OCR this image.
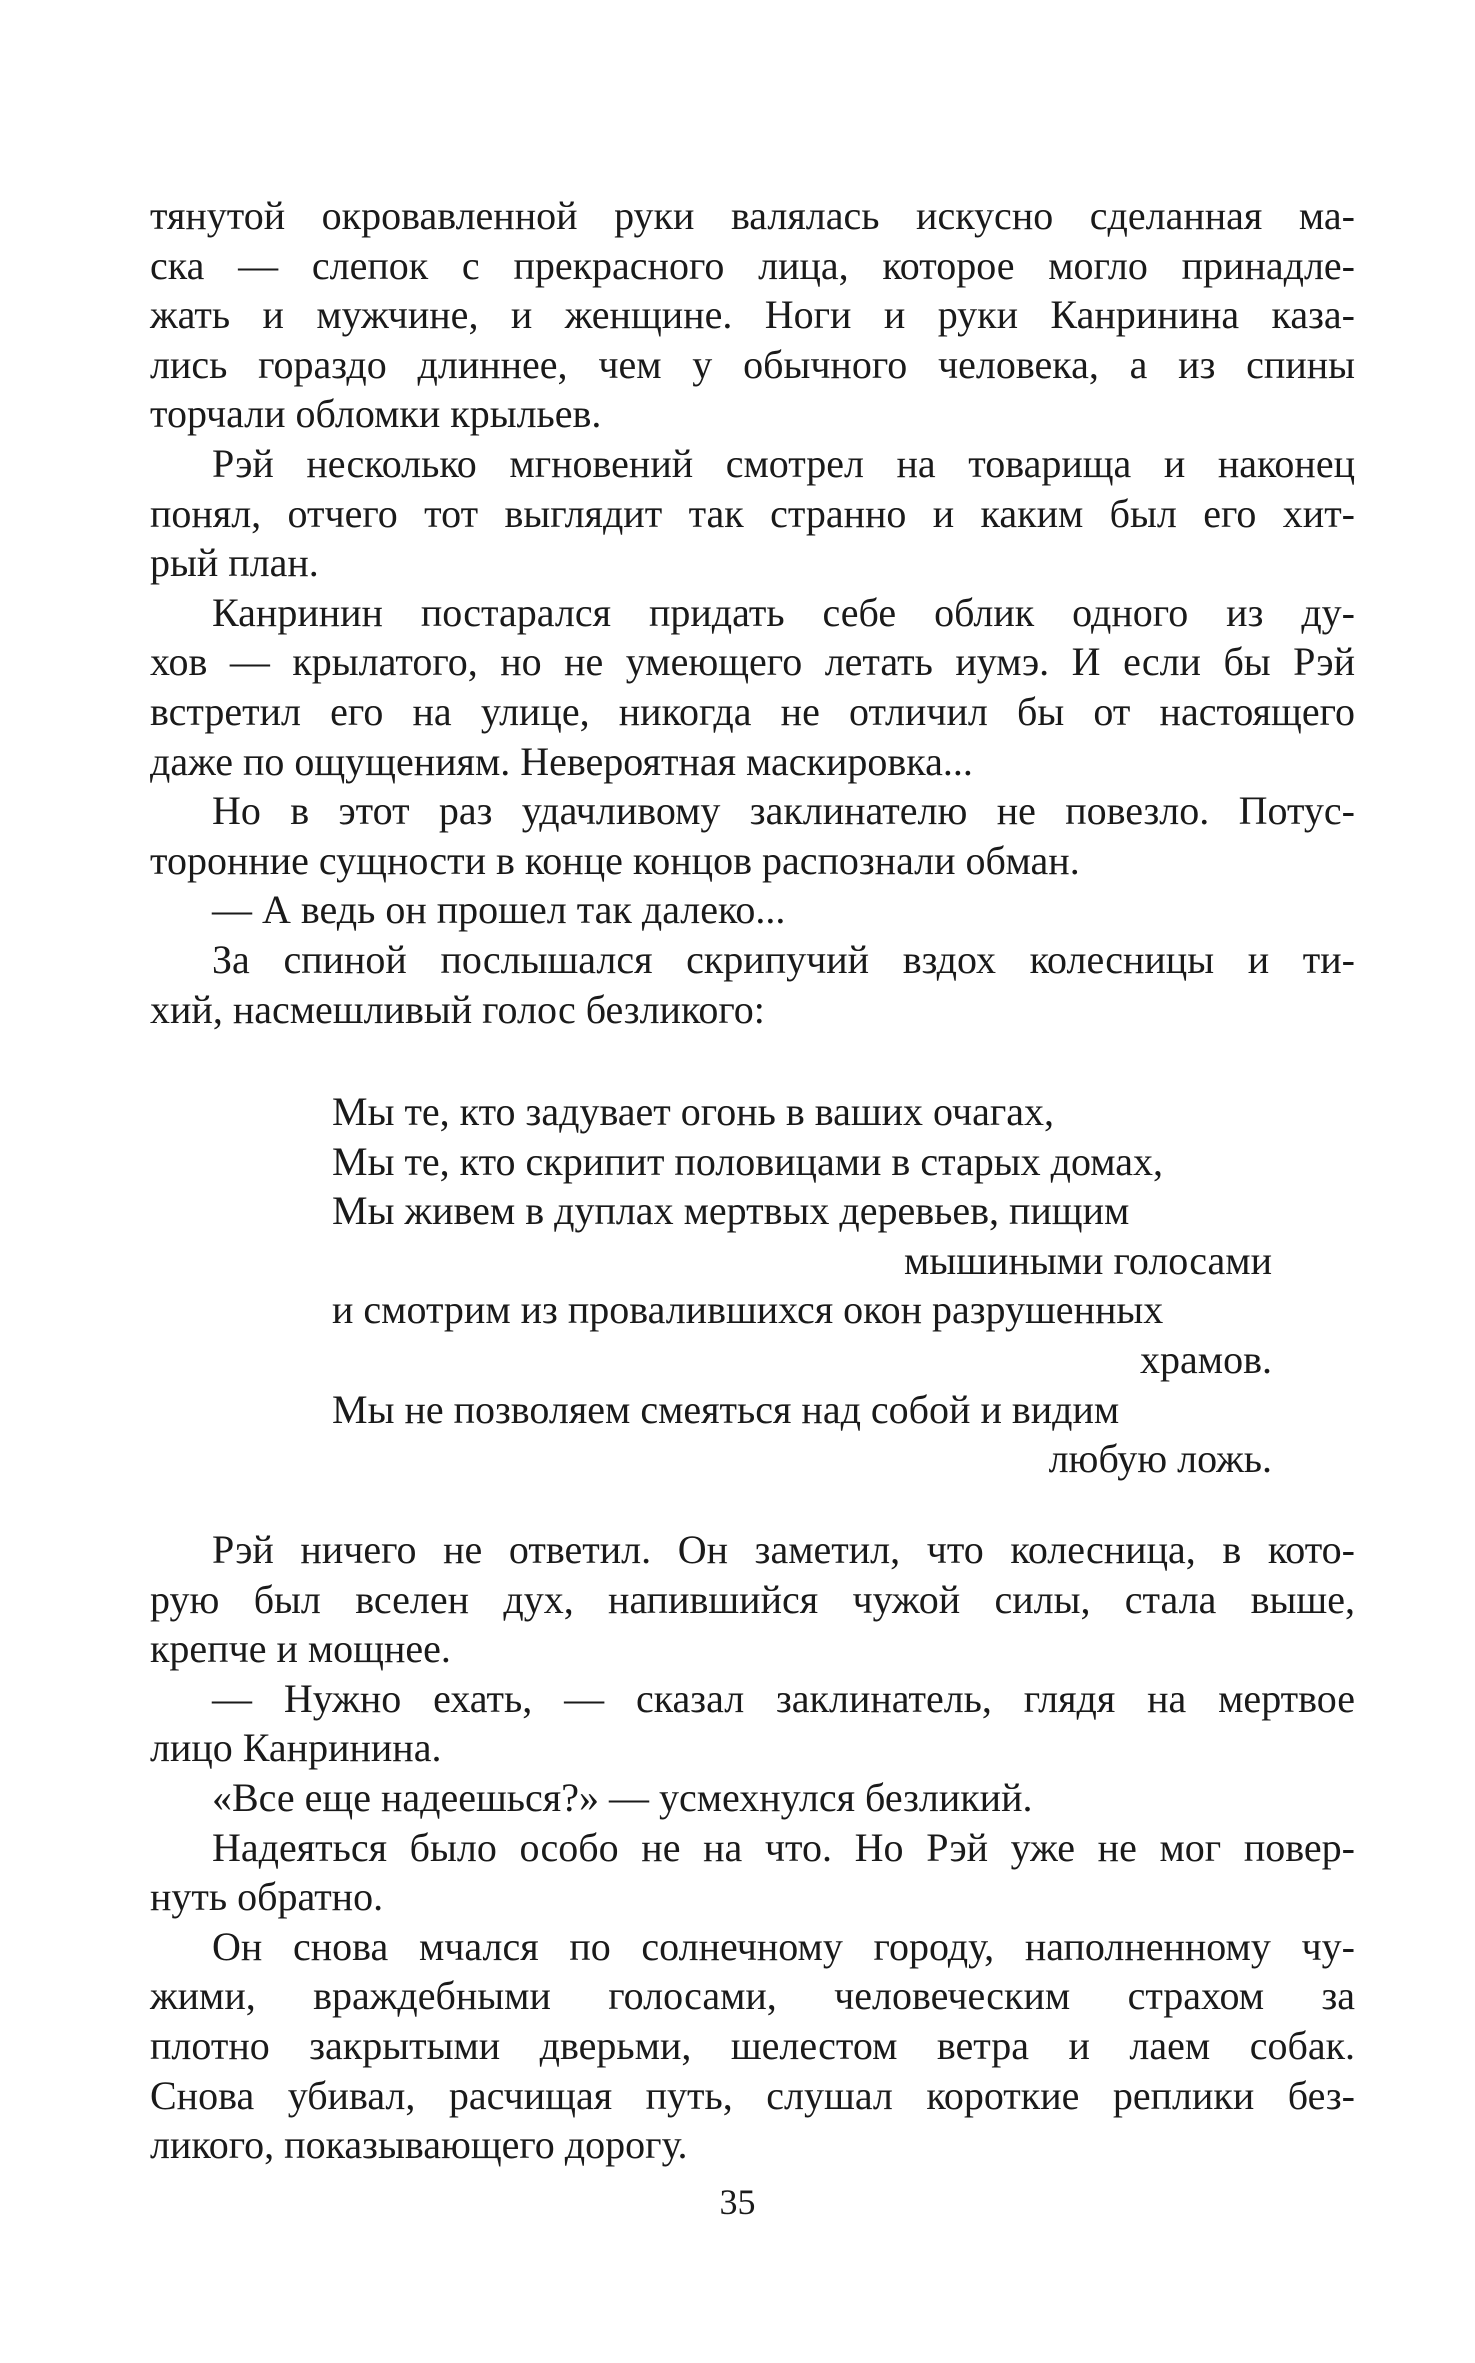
тянутой окровавленной руки валялась искусно сделанная ма-
ска — слепок с прекрасного лица, которое могло принадле-
жать и мужчине, и женщине. Ноги и руки Канринина каза-
лись гораздо длиннее, чем у обычного человека, а из спины
торчали обломки крыльев.
Рэй несколько мгновений смотрел на товарища и наконец
понял, отчего тот выглядит так странно и каким был его хит-
рый план.
Канринин постарался придать себе облик одного из ду-
хов — крылатого, но не умеющего летать иумэ. И если бы Рэй
встретил его на улице, никогда не отличил бы от настоящего
даже по ощущениям. Невероятная маскировка...
Но в этот раз удачливому заклинателю не повезло. Потус-
торонние сущности в конце концов распознали обман.
— А ведь он прошел так далеко...
За спиной послышался скрипучий вздох колесницы и ти-
хий, насмешливый голос безликого:
Мы те, кто задувает огонь в ваших очагах,
Мы те, кто скрипит половицами в старых домах,
Мы живем в дуплах мертвых деревьев, пищим
мышиными голосами
и смотрим из провалившихся окон разрушенных
храмов.
Мы не позволяем смеяться над собой и видим
любую ложь.
Рэй ничего не ответил. Он заметил, что колесница, в кото-
рую был вселен дух, напившийся чужой силы, стала выше,
крепче и мощнее.
— Нужно ехать, — сказал заклинатель, глядя на мертвое
лицо Канринина.
«Все еще надеешься?» — усмехнулся безликий.
Надеяться было особо не на что. Но Рэй уже не мог повер-
нуть обратно.
Он снова мчался по солнечному городу, наполненному чу-
жими, враждебными голосами, человеческим страхом за
плотно закрытыми дверьми, шелестом ветра и лаем собак.
Снова убивал, расчищая путь, слушал короткие реплики без-
ликого, показывающего дорогу.
35
